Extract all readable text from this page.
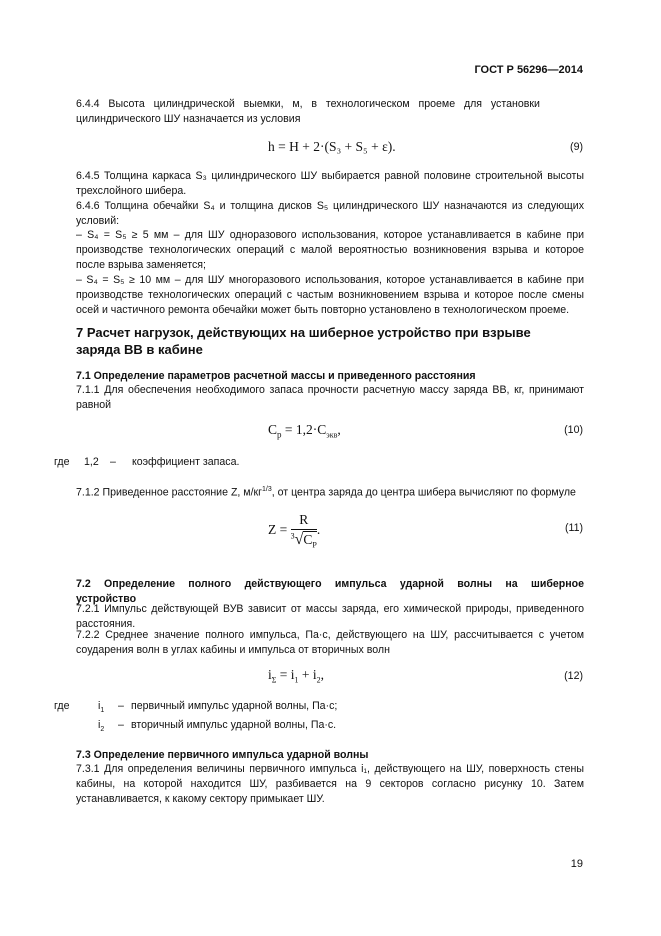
ГОСТ Р 56296—2014
6.4.4   Высота   цилиндрической   выемки,   м,   в   технологическом   проеме   для   установки
цилиндрического ШУ назначается из условия
h = H + 2·(S₃ + S₅ + ε).	(9)
6.4.5 Толщина каркаса S₃ цилиндрического ШУ выбирается равной половине строительной высоты трехслойного шибера.
6.4.6 Толщина обечайки S₄ и толщина дисков S₅ цилиндрического ШУ назначаются из следующих условий:
– S₄ = S₅ ≥ 5 мм – для ШУ одноразового использования, которое устанавливается в кабине при производстве технологических операций с малой вероятностью возникновения взрыва и которое после взрыва заменяется;
– S₄ = S₅ ≥ 10 мм – для ШУ многоразового использования, которое устанавливается в кабине при производстве технологических операций с частым возникновением взрыва и которое после смены осей и частичного ремонта обечайки может быть повторно установлено в технологическом проеме.
7 Расчет нагрузок, действующих на шиберное устройство при взрыве заряда ВВ в кабине
7.1 Определение параметров расчетной массы и приведенного расстояния
7.1.1 Для обеспечения необходимого запаса прочности расчетную массу заряда ВВ, кг, принимают равной
$C_p = 1,2\cdot C_{экв}$,	(10)
где 1,2 – коэффициент запаса.
7.1.2 Приведенное расстояние Z, $м/кг^{1/3}$, от центра заряда до центра шибера вычисляют по формуле
$Z = \frac{R}{^3√C_P}$ .	(11)
7.2   Определение   полного   действующего   импульса   ударной   волны   на   шиберное устройство
7.2.1 Импульс действующей ВУВ зависит от массы заряда, его химической природы, приведенного расстояния.
7.2.2 Среднее значение полного импульса, Па·с, действующего на ШУ, рассчитывается с учетом соударения волн в углах кабины и импульса от вторичных волн
$i_\Sigma = i_1 + i_2$,	(12)
где	$i_1$ – первичный импульс ударной волны, Па·с;
$i_2$ – вторичный импульс ударной волны, Па·с.
7.3 Определение первичного импульса ударной волны
7.3.1 Для определения величины первичного импульса i₁, действующего на ШУ, поверхность стены кабины, на которой находится ШУ, разбивается на 9 секторов согласно рисунку 10. Затем устанавливается, к какому сектору примыкает ШУ.
19
